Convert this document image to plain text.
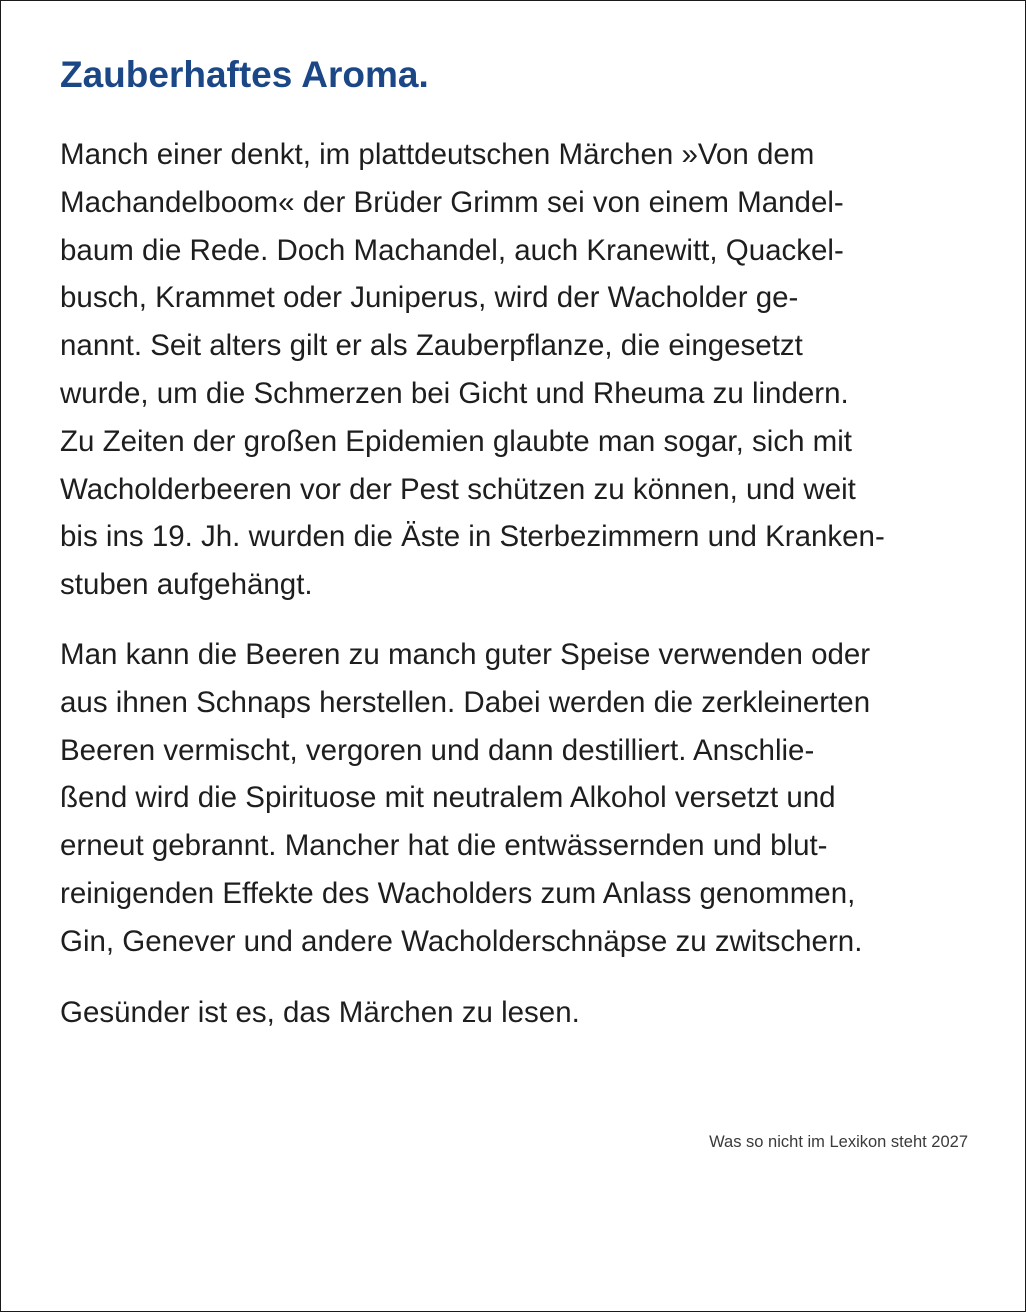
Zauberhaftes Aroma.

Manch einer denkt, im plattdeutschen Märchen »Von dem
Machandelboom« der Brüder Grimm sei von einem Mandel-
baum die Rede. Doch Machandel, auch Kranewitt, Quackel-
busch, Krammet oder Juniperus, wird der Wacholder ge-
nannt. Seit alters gilt er als Zauberpflanze, die eingesetzt
wurde, um die Schmerzen bei Gicht und Rheuma zu lindern.
Zu Zeiten der großen Epidemien glaubte man sogar, sich mit
Wacholderbeeren vor der Pest schützen zu können, und weit
bis ins 19. Jh. wurden die Äste in Sterbezimmern und Kranken-
stuben aufgehängt.

Man kann die Beeren zu manch guter Speise verwenden oder
aus ihnen Schnaps herstellen. Dabei werden die zerkleinerten
Beeren vermischt, vergoren und dann destilliert. Anschlie-
ßend wird die Spirituose mit neutralem Alkohol versetzt und
erneut gebrannt. Mancher hat die entwässernden und blut-
reinigenden Effekte des Wacholders zum Anlass genommen,
Gin, Genever und andere Wacholderschnäpse zu zwitschern.

Gesünder ist es, das Märchen zu lesen.

Was so nicht im Lexikon steht 2027
